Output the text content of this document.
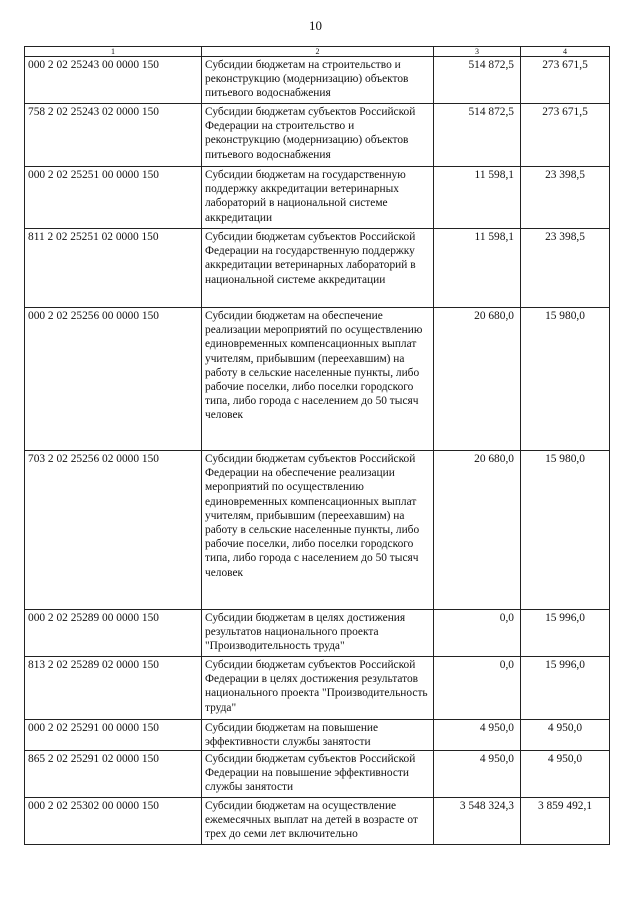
10
1	2	3	4
000 2 02 25243 00 0000 150	Субсидии бюджетам на строительство и реконструкцию (модернизацию) объектов питьевого водоснабжения	514 872,5	273 671,5
758 2 02 25243 02 0000 150	Субсидии бюджетам субъектов Российской Федерации на строительство и реконструкцию (модернизацию) объектов питьевого водоснабжения	514 872,5	273 671,5
000 2 02 25251 00 0000 150	Субсидии бюджетам на государственную поддержку аккредитации ветеринарных лабораторий в национальной системе аккредитации	11 598,1	23 398,5
811 2 02 25251 02 0000 150	Субсидии бюджетам субъектов Российской Федерации на государственную поддержку аккредитации ветеринарных лабораторий в национальной системе аккредитации	11 598,1	23 398,5
000 2 02 25256 00 0000 150	Субсидии бюджетам на обеспечение реализации мероприятий по осуществлению единовременных компенсационных выплат учителям, прибывшим (переехавшим) на работу в сельские населенные пункты, либо рабочие поселки, либо поселки городского типа, либо города с населением до 50 тысяч человек	20 680,0	15 980,0
703 2 02 25256 02 0000 150	Субсидии бюджетам субъектов Российской Федерации на обеспечение реализации мероприятий по осуществлению единовременных компенсационных выплат учителям, прибывшим (переехавшим) на работу в сельские населенные пункты, либо рабочие поселки, либо поселки городского типа, либо города с населением до 50 тысяч человек	20 680,0	15 980,0
000 2 02 25289 00 0000 150	Субсидии бюджетам в целях достижения результатов национального проекта "Производительность труда"	0,0	15 996,0
813 2 02 25289 02 0000 150	Субсидии бюджетам субъектов Российской Федерации в целях достижения результатов национального проекта "Производительность труда"	0,0	15 996,0
000 2 02 25291 00 0000 150	Субсидии бюджетам на повышение эффективности службы занятости	4 950,0	4 950,0
865 2 02 25291 02 0000 150	Субсидии бюджетам субъектов Российской Федерации на повышение эффективности службы занятости	4 950,0	4 950,0
000 2 02 25302 00 0000 150	Субсидии бюджетам на осуществление ежемесячных выплат на детей в возрасте от трех до семи лет включительно	3 548 324,3	3 859 492,1
